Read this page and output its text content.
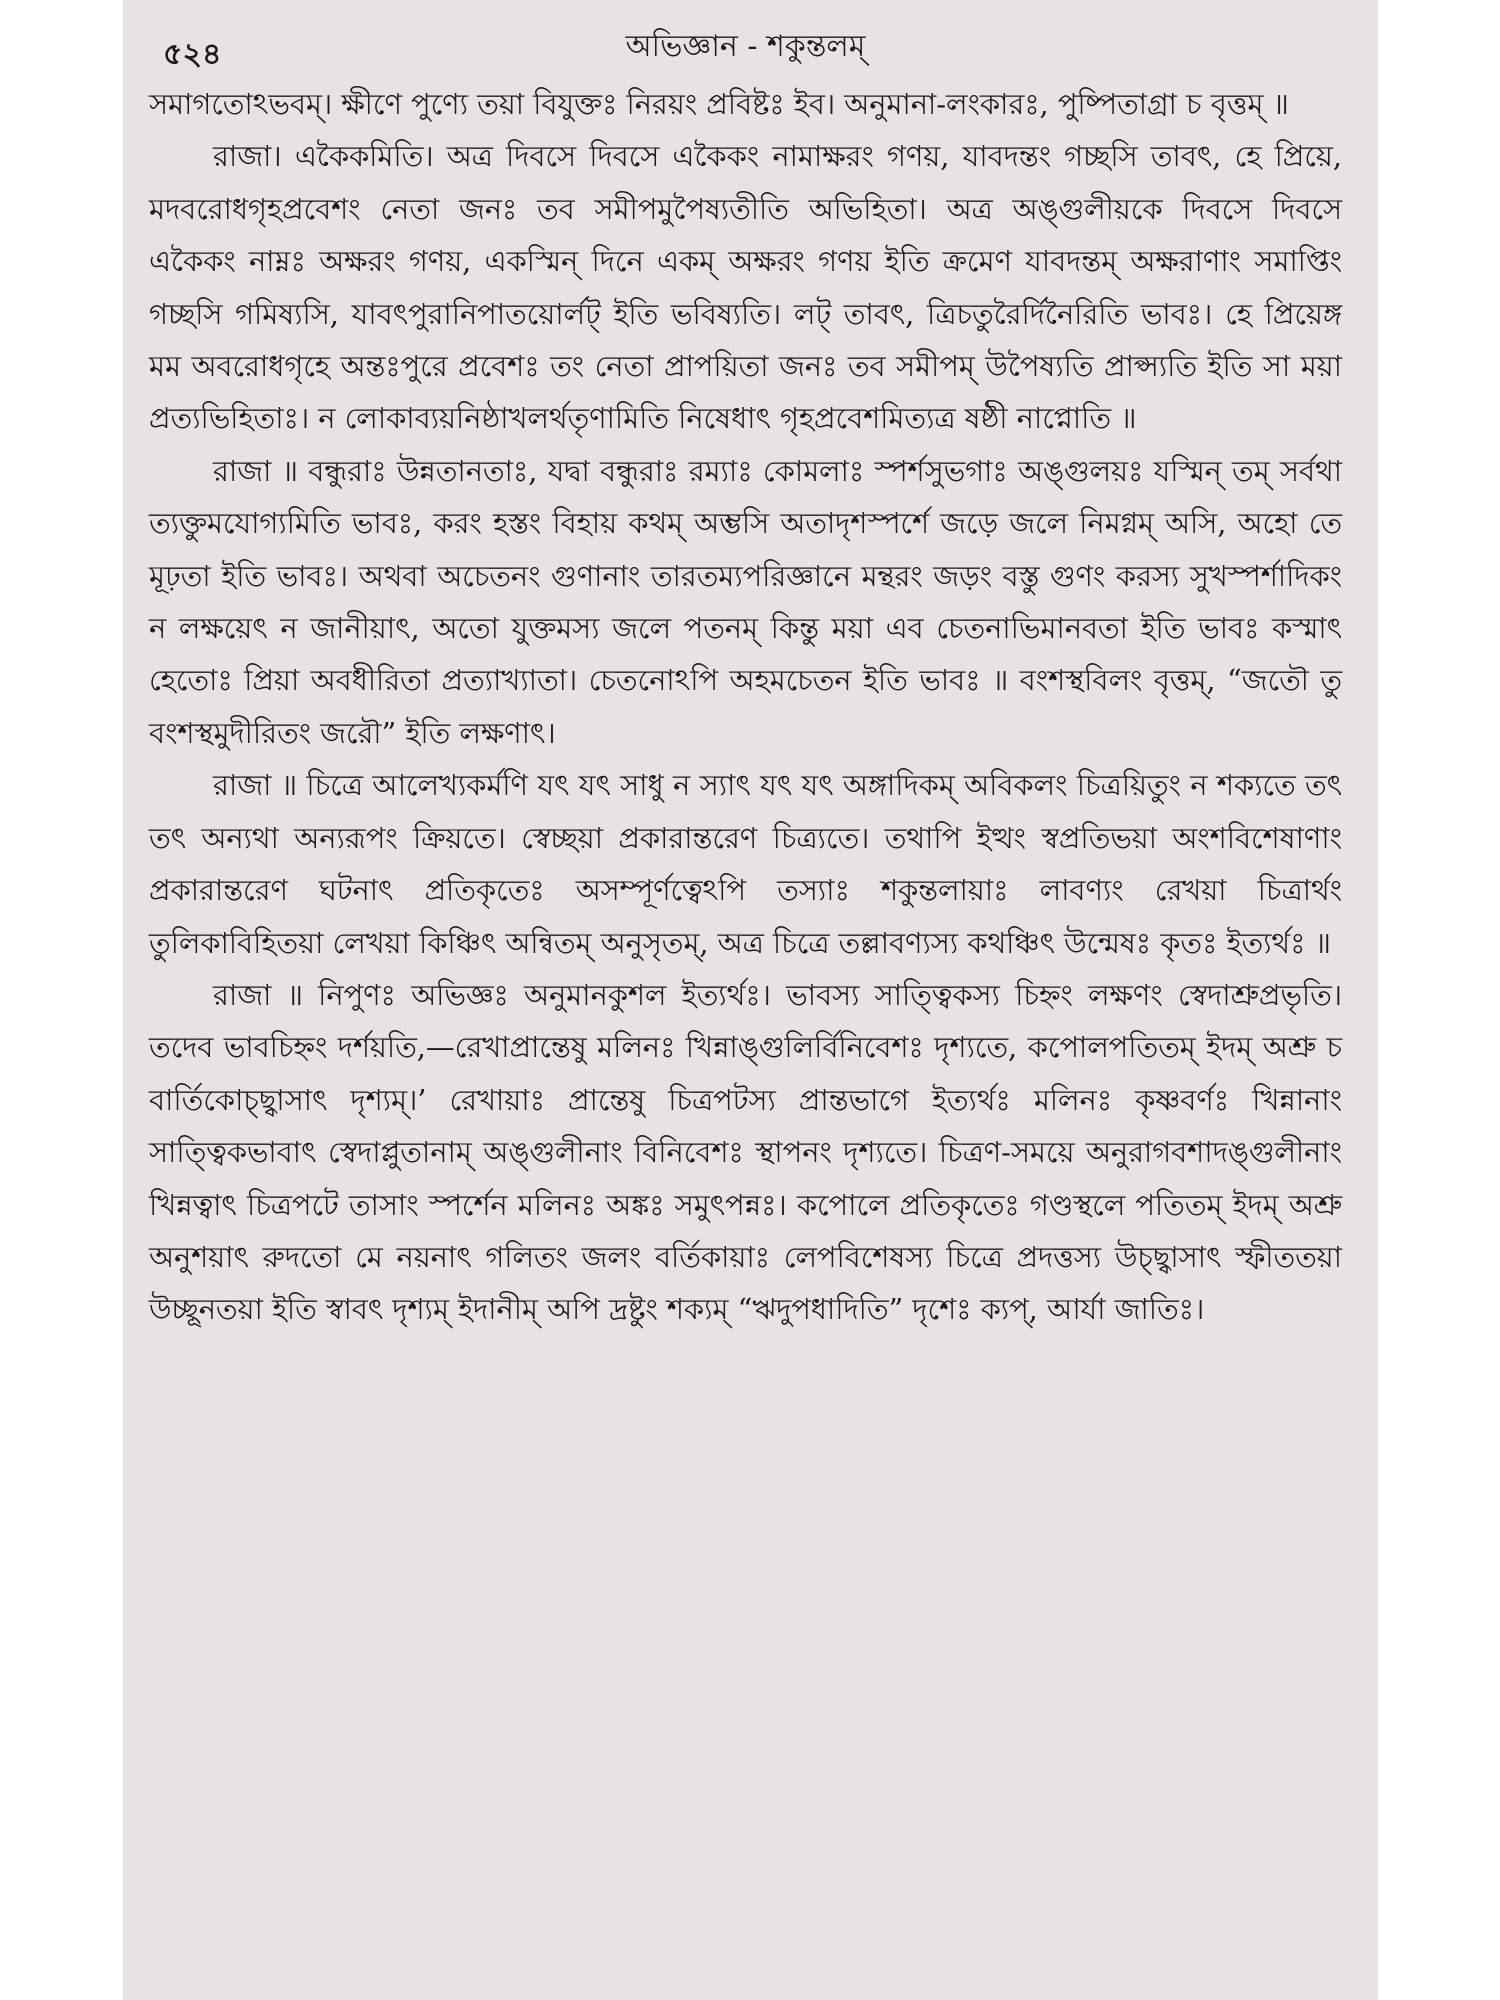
৫২৪	অভিজ্ঞান - শকুন্তলম্

সমাগতোঽভবম্। ক্ষীণে পুণ্যে তয়া বিযুক্তঃ নিরয়ং প্রবিষ্টঃ ইব। অনুমানা-লংকারঃ, পুষ্পিতাগ্রা চ বৃত্তম্ ॥

রাজা। একৈকমিতি। অত্র দিবসে দিবসে একৈকং নামাক্ষরং গণয়, যাবদন্তং গচ্ছসি তাবৎ, হে প্রিয়ে, মদবরোধগৃহপ্রবেশং নেতা জনঃ তব সমীপমুপৈষ্যতীতি অভিহিতা। অত্র অঙ্গুলীয়কে দিবসে দিবসে একৈকং নাম্নঃ অক্ষরং গণয়, একস্মিন্ দিনে একম্ অক্ষরং গণয় ইতি ক্রমেণ যাবদন্তম্ অক্ষরাণাং সমাপ্তিং গচ্ছসি গমিষ্যসি, যাবৎপুরানিপাতয়োর্লট্ ইতি ভবিষ্যতি। লট্ তাবৎ, ত্রিচতুরৈর্দিনৈরিতি ভাবঃ। হে প্রিয়েঙ্গ মম অবরোধগৃহে অন্তঃপুরে প্রবেশঃ তং নেতা প্রাপয়িতা জনঃ তব সমীপম্ উপৈষ্যতি প্রাপ্স্যতি ইতি সা ময়া প্রত্যভিহিতাঃ। ন লোকাব্যয়নিষ্ঠাখলর্থতৃণামিতি নিষেধাৎ গৃহপ্রবেশমিত্যত্র ষষ্ঠী নাপ্নোতি ॥

রাজা ॥ বন্ধুরাঃ উন্নতানতাঃ, যদ্বা বন্ধুরাঃ রম্যাঃ কোমলাঃ স্পর্শসুভগাঃ অঙ্গুলয়ঃ যস্মিন্ তম্ সর্বথা ত্যক্তুমযোগ্যমিতি ভাবঃ, করং হস্তং বিহায় কথম্ অম্ভসি অতাদৃশস্পর্শে জড়ে জলে নিমগ্নম্ অসি, অহো তে মূঢ়তা ইতি ভাবঃ। অথবা অচেতনং গুণানাং তারতম্যপরিজ্ঞানে মন্থরং জড়ং বস্তু গুণং করস্য সুখস্পর্শাদিকং ন লক্ষয়েৎ ন জানীয়াৎ, অতো যুক্তমস্য জলে পতনম্ কিন্তু ময়া এব চেতনাভিমানবতা ইতি ভাবঃ কস্মাৎ হেতোঃ প্রিয়া অবধীরিতা প্রত্যাখ্যাতা। চেতনোঽপি অহমচেতন ইতি ভাবঃ ॥ বংশস্থবিলং বৃত্তম্, “জতৌ তু বংশস্থমুদীরিতং জরৌ” ইতি লক্ষণাৎ।

রাজা ॥ চিত্রে আলেখ্যকর্মণি যৎ যৎ সাধু ন স্যাৎ যৎ যৎ অঙ্গাদিকম্ অবিকলং চিত্রয়িতুং ন শক্যতে তৎ তৎ অন্যথা অন্যরূপং ক্রিয়তে। স্বেচ্ছয়া প্রকারান্তরেণ চিত্র্যতে। তথাপি ইত্থং স্বপ্রতিভয়া অংশবিশেষাণাং প্রকারান্তরেণ ঘটনাৎ প্রতিকৃতেঃ অসম্পূর্ণত্বেঽপি তস্যাঃ শকুন্তলায়াঃ লাবণ্যং রেখয়া চিত্রার্থং তুলিকাবিহিতয়া লেখয়া কিঞ্চিৎ অন্বিতম্ অনুসৃতম্, অত্র চিত্রে তল্লাবণ্যস্য কথঞ্চিৎ উন্মেষঃ কৃতঃ ইত্যর্থঃ ॥

রাজা ॥ নিপুণঃ অভিজ্ঞঃ অনুমানকুশল ইত্যর্থঃ। ভাবস্য সাত্ত্বিকস্য চিহ্নং লক্ষণং স্বেদাশ্রুপ্রভৃতি। তদেব ভাবচিহ্নং দর্শয়তি,—রেখাপ্রান্তেষু মলিনঃ খিন্নাঙ্গুলির্বিনিবেশঃ দৃশ্যতে, কপোলপতিতম্ ইদম্ অশ্রু চ বার্তিকোচ্ছ্বাসাৎ দৃশ্যম্।’ রেখায়াঃ প্রান্তেষু চিত্রপটস্য প্রান্তভাগে ইত্যর্থঃ মলিনঃ কৃষ্ণবর্ণঃ খিন্নানাং সাত্ত্বিকভাবাৎ স্বেদাপ্লুতানাম্ অঙ্গুলীনাং বিনিবেশঃ স্থাপনং দৃশ্যতে। চিত্রণ-সময়ে অনুরাগবশাদঙ্গুলীনাং খিন্নত্বাৎ চিত্রপটে তাসাং স্পর্শেন মলিনঃ অঙ্কঃ সমুৎপন্নঃ। কপোলে প্রতিকৃতেঃ গণ্ডস্থলে পতিতম্ ইদম্ অশ্রু অনুশয়াৎ রুদতো মে নয়নাৎ গলিতং জলং বর্তিকায়াঃ লেপবিশেষস্য চিত্রে প্রদত্তস্য উচ্ছ্বাসাৎ স্ফীততয়া উচ্ছূনতয়া ইতি স্বাবৎ দৃশ্যম্ ইদানীম্ অপি দ্রষ্টুং শক্যম্ “ঋদুপধাদিতি” দৃশেঃ ক্যপ্, আর্যা জাতিঃ।
